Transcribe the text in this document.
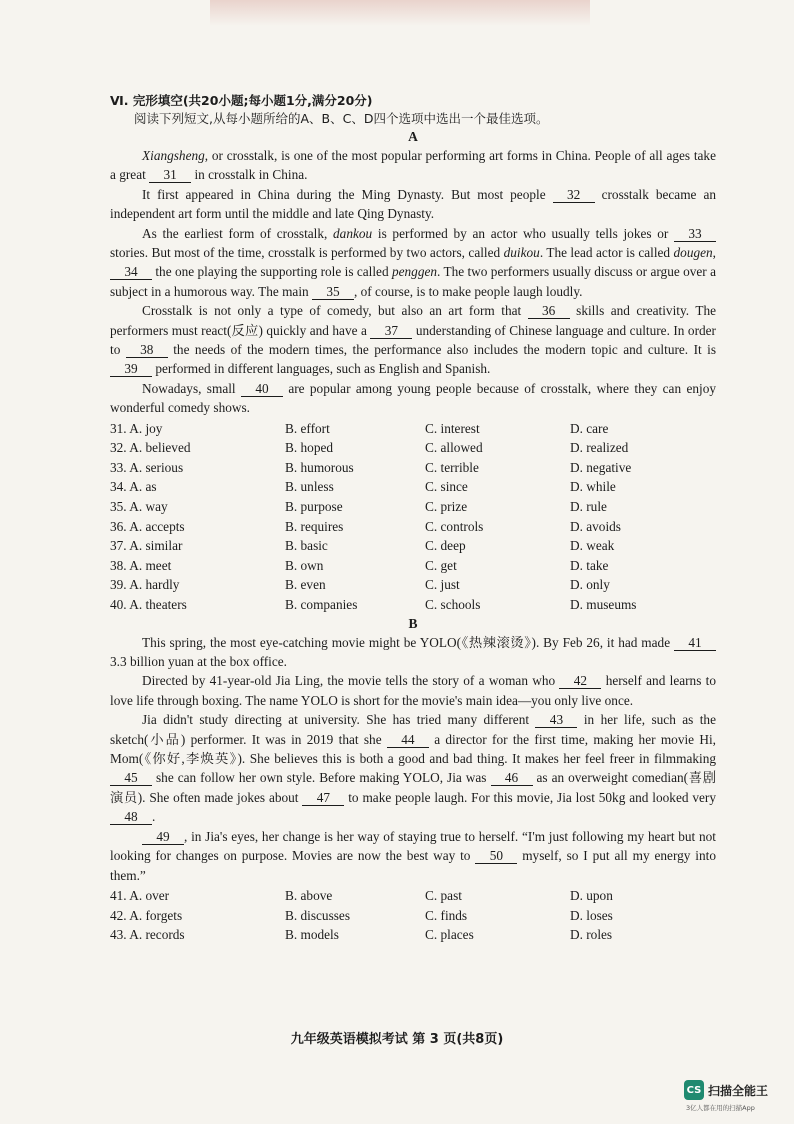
Ⅵ. 完形填空(共20小题;每小题1分,满分20分)
阅读下列短文,从每小题所给的A、B、C、D四个选项中选出一个最佳选项。
A
Xiangsheng, or crosstalk, is one of the most popular performing art forms in China. People of all ages take a great 31 in crosstalk in China.
It first appeared in China during the Ming Dynasty. But most people 32 crosstalk became an independent art form until the middle and late Qing Dynasty.
As the earliest form of crosstalk, dankou is performed by an actor who usually tells jokes or 33 stories. But most of the time, crosstalk is performed by two actors, called duikou. The lead actor is called dougen, 34 the one playing the supporting role is called penggen. The two performers usually discuss or argue over a subject in a humorous way. The main 35 , of course, is to make people laugh loudly.
Crosstalk is not only a type of comedy, but also an art form that 36 skills and creativity. The performers must react(反应) quickly and have a 37 understanding of Chinese language and culture. In order to 38 the needs of the modern times, the performance also includes the modern topic and culture. It is 39 performed in different languages, such as English and Spanish.
Nowadays, small 40 are popular among young people because of crosstalk, where they can enjoy wonderful comedy shows.
31. A. joy	B. effort	C. interest	D. care
32. A. believed	B. hoped	C. allowed	D. realized
33. A. serious	B. humorous	C. terrible	D. negative
34. A. as	B. unless	C. since	D. while
35. A. way	B. purpose	C. prize	D. rule
36. A. accepts	B. requires	C. controls	D. avoids
37. A. similar	B. basic	C. deep	D. weak
38. A. meet	B. own	C. get	D. take
39. A. hardly	B. even	C. just	D. only
40. A. theaters	B. companies	C. schools	D. museums
B
This spring, the most eye-catching movie might be YOLO(《热辣滚烫》). By Feb 26, it had made 41 3.3 billion yuan at the box office.
Directed by 41-year-old Jia Ling, the movie tells the story of a woman who 42 herself and learns to love life through boxing. The name YOLO is short for the movie's main idea—you only live once.
Jia didn't study directing at university. She has tried many different 43 in her life, such as the sketch(小品) performer. It was in 2019 that she 44 a director for the first time, making her movie Hi, Mom(《你好,李焕英》). She believes this is both a good and bad thing. It makes her feel freer in filmmaking 45 she can follow her own style. Before making YOLO, Jia was 46 as an overweight comedian(喜剧演员). She often made jokes about 47 to make people laugh. For this movie, Jia lost 50kg and looked very 48 .
49 , in Jia's eyes, her change is her way of staying true to herself. “I'm just following my heart but not looking for changes on purpose. Movies are now the best way to 50 myself, so I put all my energy into them.”
41. A. over	B. above	C. past	D. upon
42. A. forgets	B. discusses	C. finds	D. loses
43. A. records	B. models	C. places	D. roles
九年级英语模拟考试 第 3 页(共8页)
CS 扫描全能王
3亿人都在用的扫描App
